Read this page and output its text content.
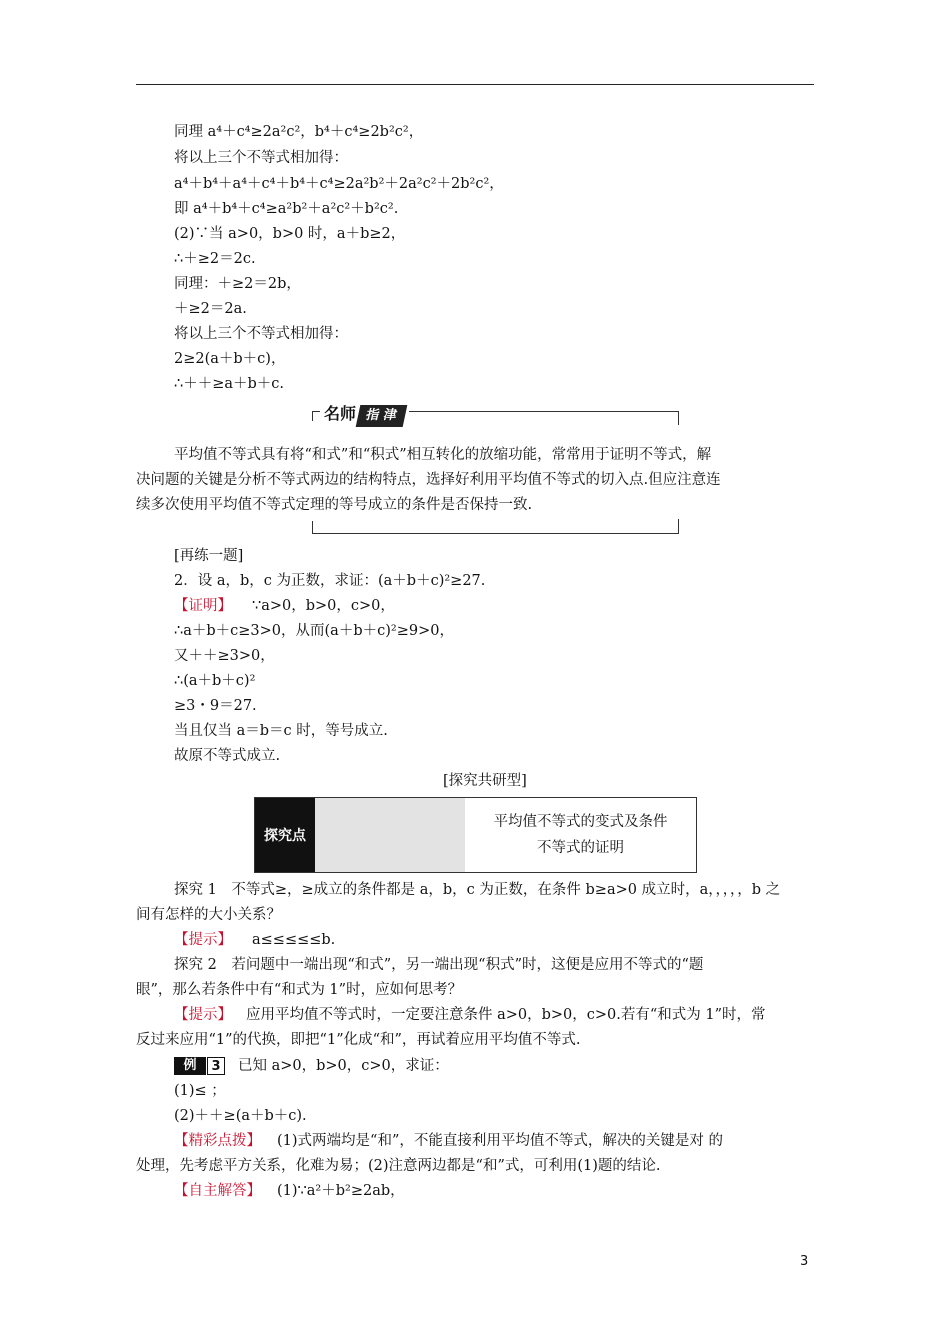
同理 a⁴＋c⁴≥2a²c²，b⁴＋c⁴≥2b²c²，
将以上三个不等式相加得：
a⁴＋b⁴＋a⁴＋c⁴＋b⁴＋c⁴≥2a²b²＋2a²c²＋2b²c²，
即 a⁴＋b⁴＋c⁴≥a²b²＋a²c²＋b²c².
(2)∵当 a>0，b>0 时，a＋b≥2，
∴＋≥2＝2c.
同理：＋≥2＝2b，
＋≥2＝2a.
将以上三个不等式相加得：
2≥2(a＋b＋c)，
∴＋＋≥a＋b＋c.
名师 指 津
平均值不等式具有将“和式”和“积式”相互转化的放缩功能，常常用于证明不等式，解
决问题的关键是分析不等式两边的结构特点，选择好利用平均值不等式的切入点.但应注意连
续多次使用平均值不等式定理的等号成立的条件是否保持一致.
[再练一题]
2．设 a，b，c 为正数，求证：(a＋b＋c)²≥27.
【证明】 ∵a>0，b>0，c>0，
∴a＋b＋c≥3>0，从而(a＋b＋c)²≥9>0，
又＋＋≥3>0，
∴(a＋b＋c)²
≥3・9＝27.
当且仅当 a＝b＝c 时，等号成立.
故原不等式成立.
[探究共研型]
探究点
平均值不等式的变式及条件
不等式的证明
探究 1　不等式≥，≥成立的条件都是 a，b，c 为正数，在条件 b≥a>0 成立时，a，，，，，b 之
间有怎样的大小关系？
【提示】 a≤≤≤≤≤b.
探究 2　若问题中一端出现“和式”，另一端出现“积式”时，这便是应用不等式的“题
眼”，那么若条件中有“和式为 1”时，应如何思考？
【提示】 应用平均值不等式时，一定要注意条件 a>0，b>0，c>0.若有“和式为 1”时，常
反过来应用“1”的代换，即把“1”化成“和”，再试着应用平均值不等式.
例	3	已知 a>0，b>0，c>0，求证：
(1)≤ ；
(2)＋＋≥(a＋b＋c).
【精彩点拨】 (1)式两端均是“和”，不能直接利用平均值不等式，解决的关键是对 的
处理，先考虑平方关系，化难为易；(2)注意两边都是“和”式，可利用(1)题的结论.
【自主解答】 (1)∵a²＋b²≥2ab，
3
